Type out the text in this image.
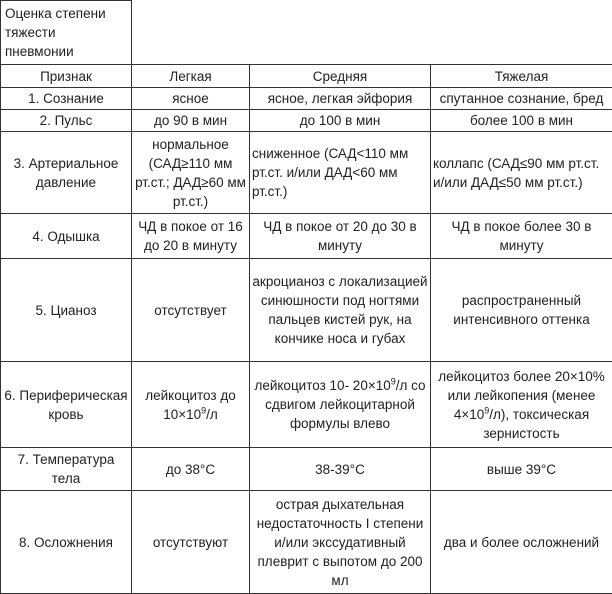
Оценка степени тяжести пневмонии			
Признак	Легкая	Средняя	Тяжелая
1. Сознание	ясное	ясное, легкая эйфория	спутанное сознание, бред
2. Пульс	до 90 в мин	до 100 в мин	более 100 в мин
3. Артериальное давление	нормальное (САД≥110 мм рт.ст.; ДАД≥60 мм рт.ст.)	сниженное (САД<110 мм рт.ст. и/или ДАД<60 мм рт.ст.)	коллапс (САД≤90 мм рт.ст. и/или ДАД≤50 мм рт.ст.)
4. Одышка	ЧД в покое от 16 до 20 в минуту	ЧД в покое от 20 до 30 в минуту	ЧД в покое более 30 в минуту
5. Цианоз	отсутствует	акроцианоз с локализацией синюшности под ногтями пальцев кистей рук, на кончике носа и губах	распространенный интенсивного оттенка
6. Периферическая кровь	лейкоцитоз до $10\times 10^9/л$	лейкоцитоз 10- $20\times 10^9/л$ со сдвигом лейкоцитарной формулы влево	лейкоцитоз более 20×10% или лейкопения (менее $4\times 10^9/л$), токсическая зернистость
7. Температура тела	до 38°С	38-39°С	выше 39°С
8. Осложнения	отсутствуют	острая дыхательная недостаточность I степени и/или экссудативный плеврит с выпотом до 200 мл	два и более осложнений
